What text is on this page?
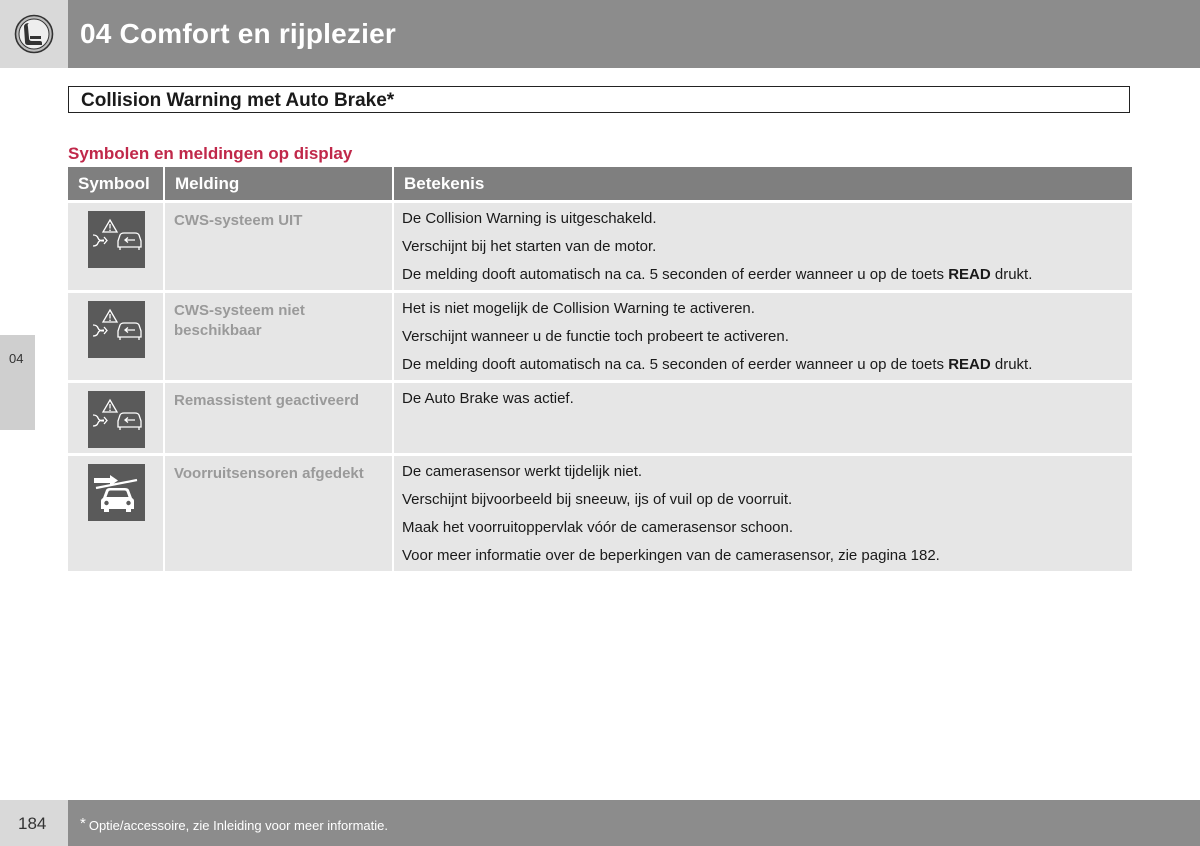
04 Comfort en rijplezier
04
Collision Warning met Auto Brake*
Symbolen en meldingen op display
Symbool	Melding	Betekenis

	CWS-systeem UIT	De Collision Warning is uitgeschakeld.

Verschijnt bij het starten van de motor.

De melding dooft automatisch na ca. 5 seconden of eerder wanneer u op de toets READ drukt.

	CWS-systeem niet beschikbaar	Het is niet mogelijk de Collision Warning te activeren.

Verschijnt wanneer u de functie toch probeert te activeren.

De melding dooft automatisch na ca. 5 seconden of eerder wanneer u op de toets READ drukt.

	Remassistent geactiveerd	De Auto Brake was actief.

	Voorruitsensoren afgedekt	De camerasensor werkt tijdelijk niet.

Verschijnt bijvoorbeeld bij sneeuw, ijs of vuil op de voorruit.

Maak het voorruitoppervlak vóór de camerasensor schoon.

Voor meer informatie over de beperkingen van de camerasensor, zie pagina 182.

184 * Optie/accessoire, zie Inleiding voor meer informatie.
